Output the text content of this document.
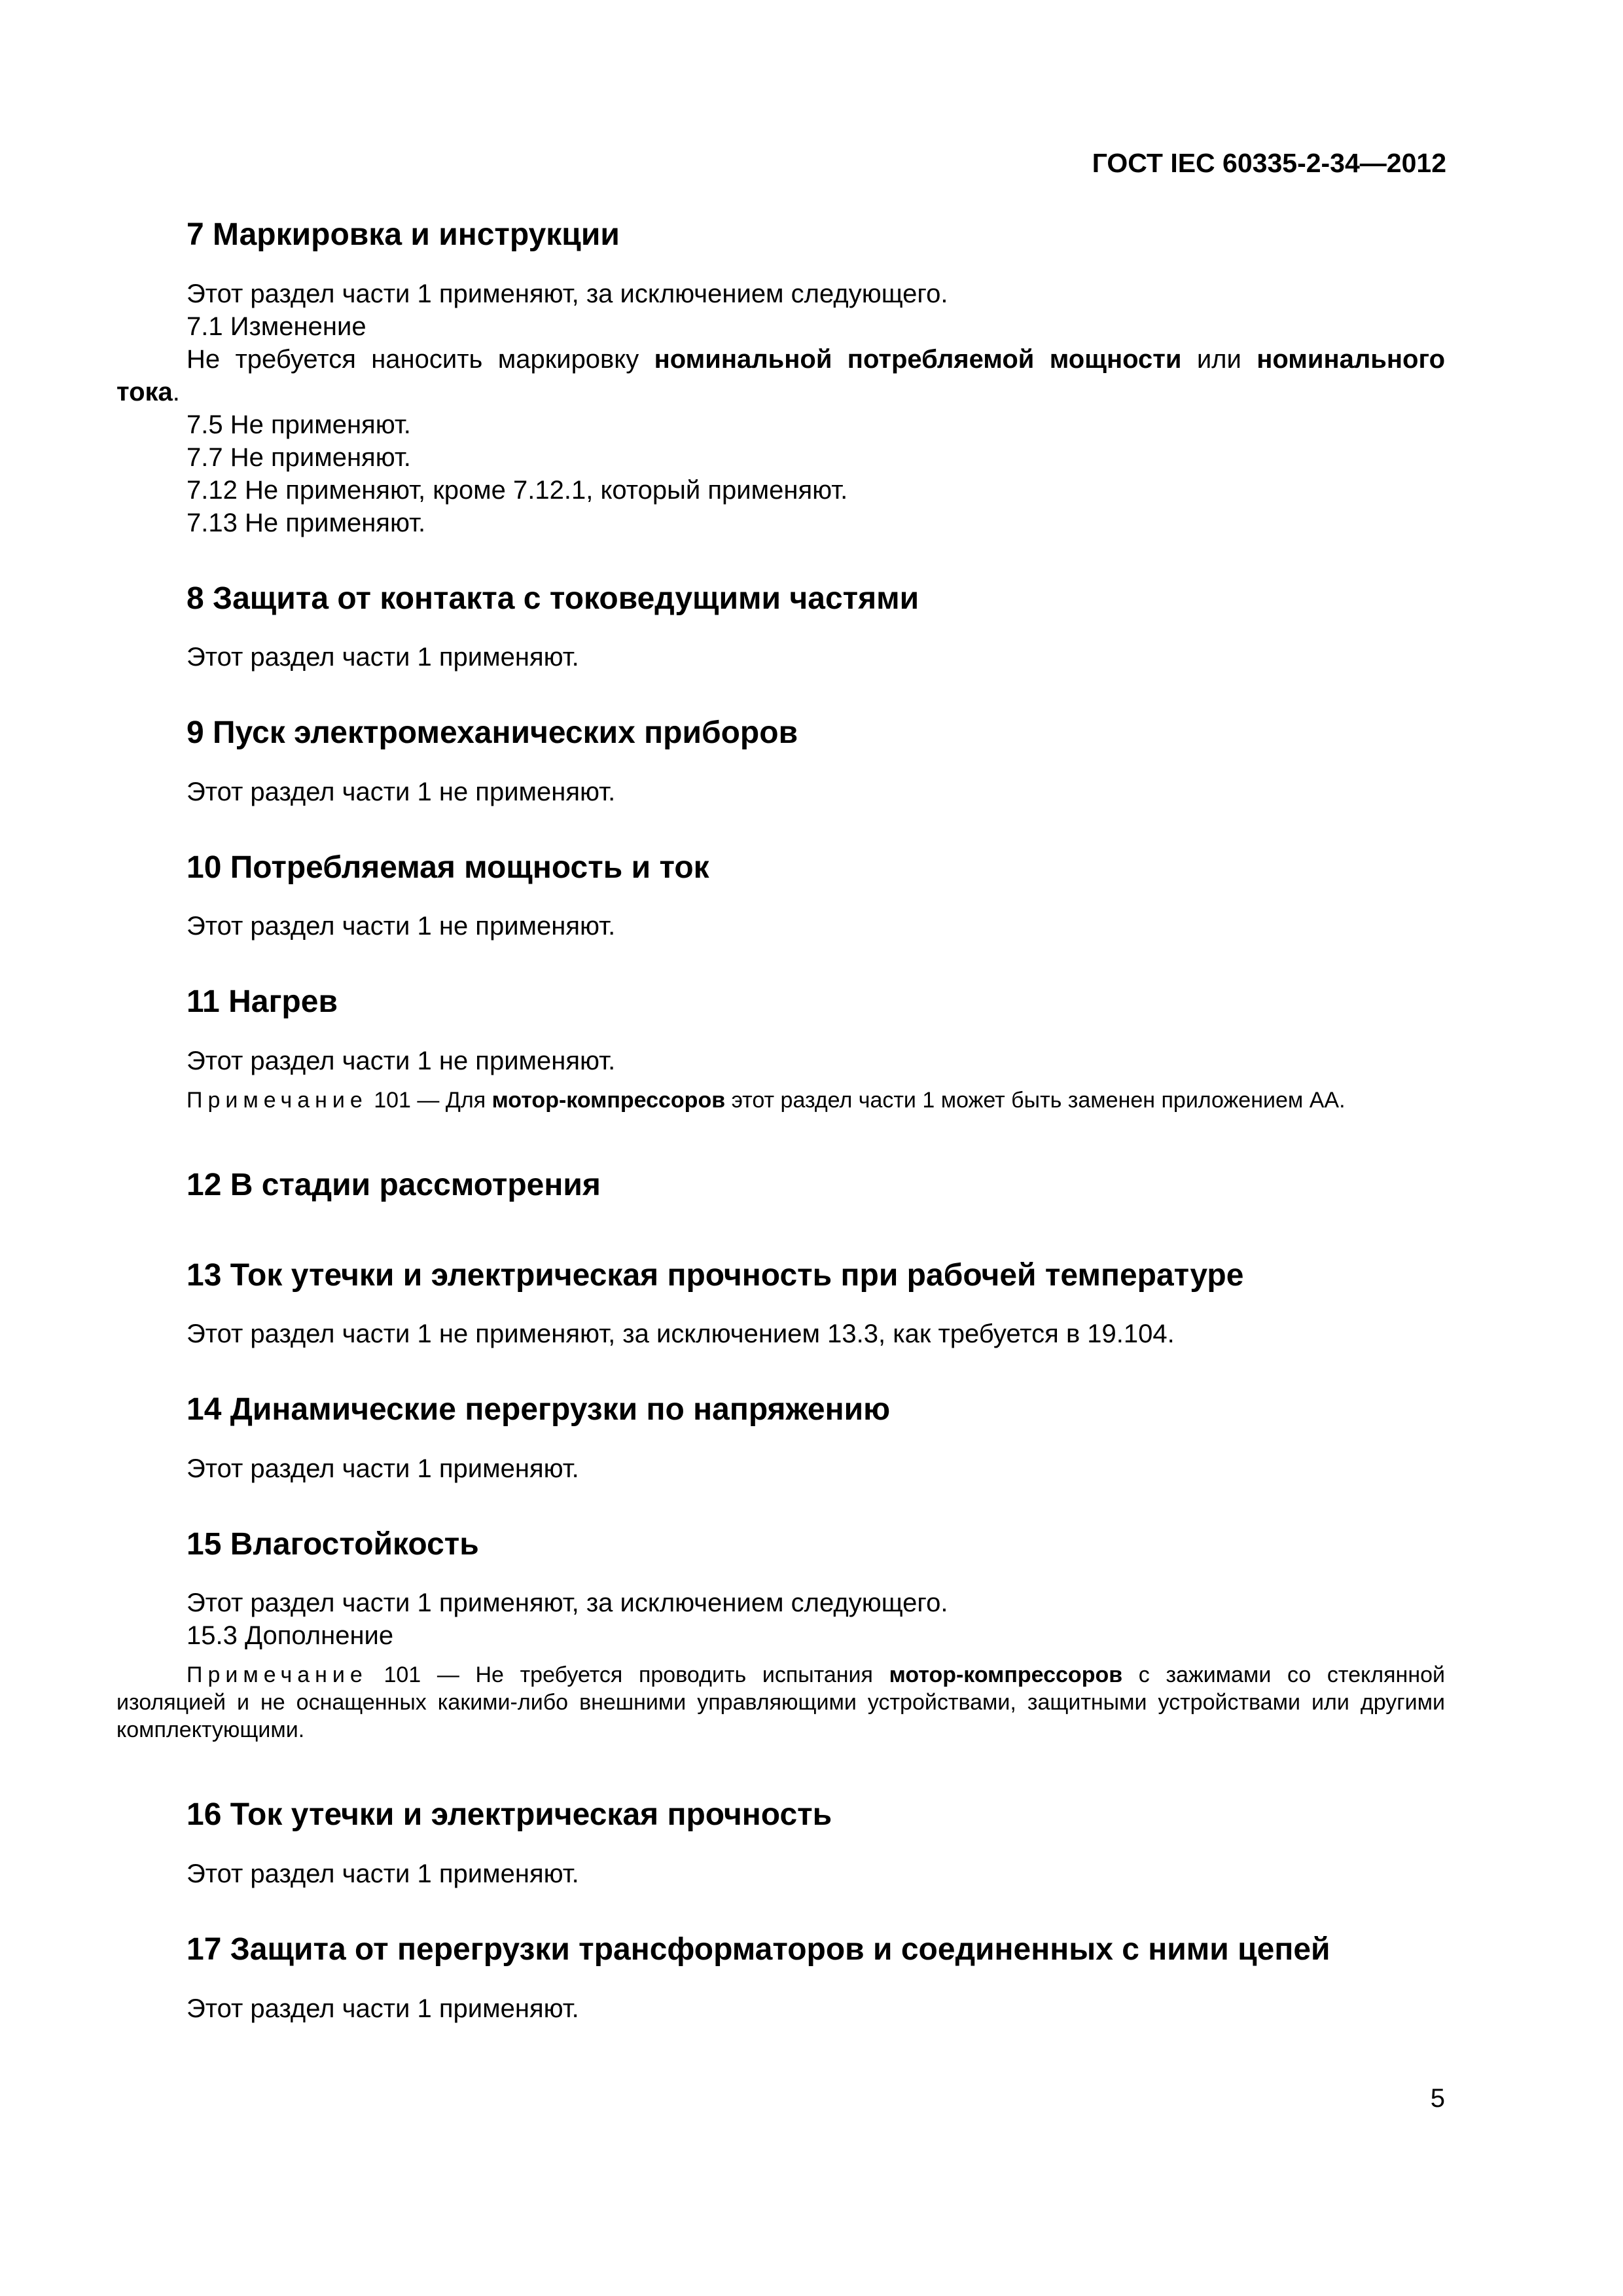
ГОСТ IEC 60335-2-34—2012
7 Маркировка и инструкции

Этот раздел части 1 применяют, за исключением следующего.

7.1 Изменение

Не требуется наносить маркировку номинальной потребляемой мощности или номинального тока.

7.5 Не применяют.

7.7 Не применяют.

7.12 Не применяют, кроме 7.12.1, который применяют.

7.13 Не применяют.

8 Защита от контакта с токоведущими частями

Этот раздел части 1 применяют.

9 Пуск электромеханических приборов

Этот раздел части 1 не применяют.

10 Потребляемая мощность и ток

Этот раздел части 1 не применяют.

11 Нагрев

Этот раздел части 1 не применяют.

Примечание 101 — Для мотор-компрессоров этот раздел части 1 может быть заменен приложением АА.

12 В стадии рассмотрения
13 Ток утечки и электрическая прочность при рабочей температуре

Этот раздел части 1 не применяют, за исключением 13.3, как требуется в 19.104.

14 Динамические перегрузки по напряжению

Этот раздел части 1 применяют.

15 Влагостойкость

Этот раздел части 1 применяют, за исключением следующего.

15.3 Дополнение

Примечание 101 — Не требуется проводить испытания мотор-компрессоров с зажимами со стеклянной изоляцией и не оснащенных какими-либо внешними управляющими устройствами, защитными устройствами или другими комплектующими.

16 Ток утечки и электрическая прочность

Этот раздел части 1 применяют.

17 Защита от перегрузки трансформаторов и соединенных с ними цепей

Этот раздел части 1 применяют.

5
